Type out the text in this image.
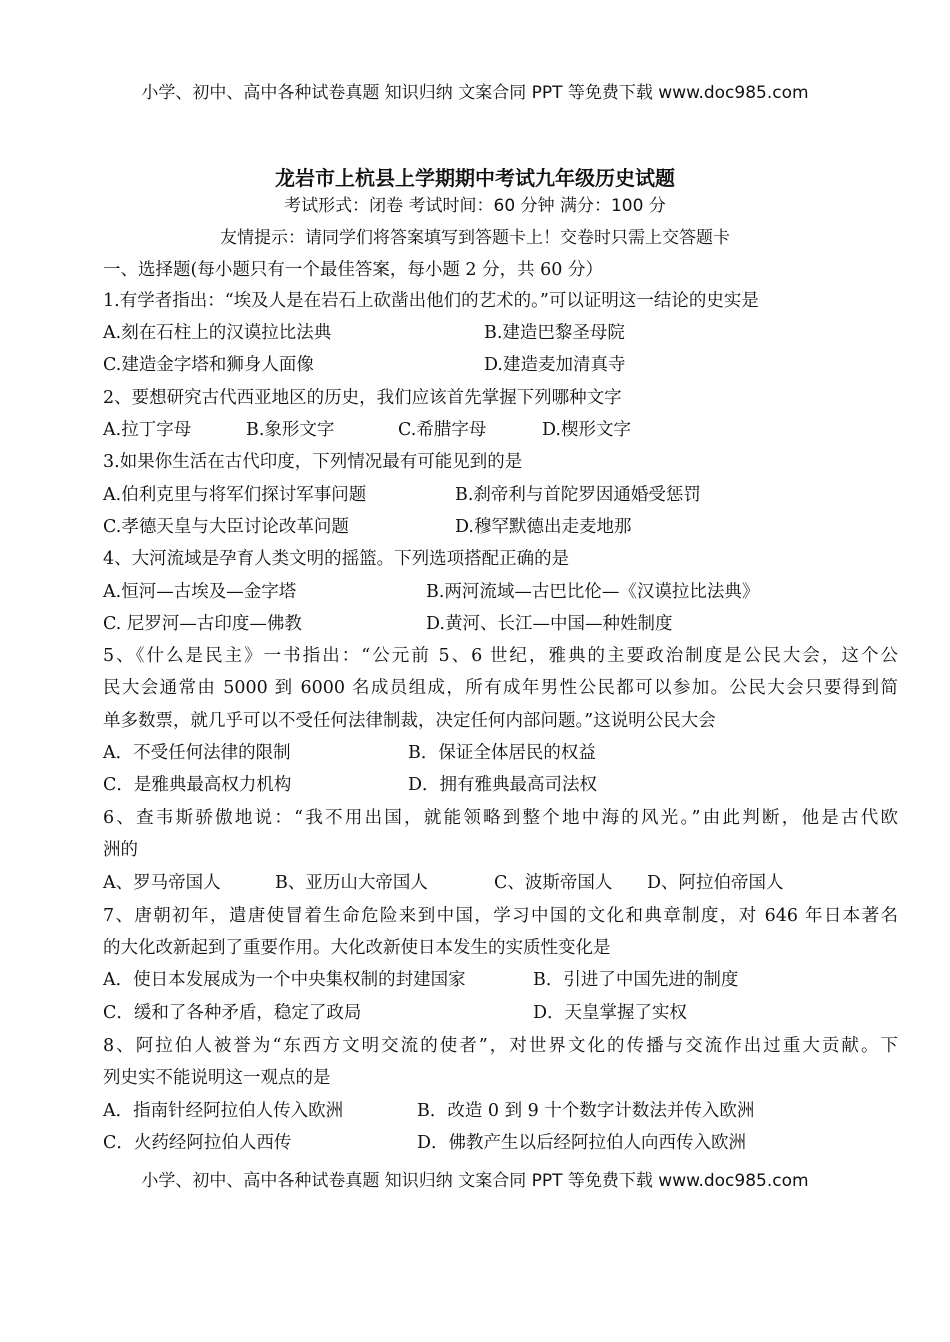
小学、初中、高中各种试卷真题 知识归纳 文案合同 PPT 等免费下载 www.doc985.com
龙岩市上杭县上学期期中考试九年级历史试题
考试形式：闭卷 考试时间：60 分钟 满分：100 分
友情提示：请同学们将答案填写到答题卡上！交卷时只需上交答题卡
一、选择题(每小题只有一个最佳答案，每小题 2 分，共 60 分）
1.有学者指出：“埃及人是在岩石上砍凿出他们的艺术的。”可以证明这一结论的史实是
A.刻在石柱上的汉谟拉比法典	B.建造巴黎圣母院
C.建造金字塔和狮身人面像	D.建造麦加清真寺
2、要想研究古代西亚地区的历史，我们应该首先掌握下列哪种文字
A.拉丁字母	B.象形文字	C.希腊字母	D.楔形文字
3.如果你生活在古代印度，下列情况最有可能见到的是
A.伯利克里与将军们探讨军事问题	B.刹帝利与首陀罗因通婚受惩罚
C.孝德天皇与大臣讨论改革问题	D.穆罕默德出走麦地那
4、大河流域是孕育人类文明的摇篮。下列选项搭配正确的是
A.恒河—古埃及—金字塔	B.两河流域—古巴比伦—《汉谟拉比法典》
C. 尼罗河—古印度—佛教	D.黄河、长江—中国—种姓制度
5、《什么是民主》一书指出：“公元前 5、6 世纪，雅典的主要政治制度是公民大会，这个公
民大会通常由 5000 到 6000 名成员组成，所有成年男性公民都可以参加。公民大会只要得到简
单多数票，就几乎可以不受任何法律制裁，决定任何内部问题。”这说明公民大会
A．不受任何法律的限制	B．保证全体居民的权益
C．是雅典最高权力机构	D．拥有雅典最高司法权
6、查韦斯骄傲地说：“我不用出国，就能领略到整个地中海的风光。”由此判断，他是古代欧
洲的
A、罗马帝国人	B、亚历山大帝国人	C、波斯帝国人 D、阿拉伯帝国人
7、唐朝初年，遣唐使冒着生命危险来到中国，学习中国的文化和典章制度，对 646 年日本著名
的大化改新起到了重要作用。大化改新使日本发生的实质性变化是
A．使日本发展成为一个中央集权制的封建国家	B．引进了中国先进的制度
C．缓和了各种矛盾，稳定了政局	D．天皇掌握了实权
8、阿拉伯人被誉为“东西方文明交流的使者”，对世界文化的传播与交流作出过重大贡献。下
列史实不能说明这一观点的是
A．指南针经阿拉伯人传入欧洲	B．改造 0 到 9 十个数字计数法并传入欧洲
C．火药经阿拉伯人西传	D．佛教产生以后经阿拉伯人向西传入欧洲
小学、初中、高中各种试卷真题 知识归纳 文案合同 PPT 等免费下载 www.doc985.com
